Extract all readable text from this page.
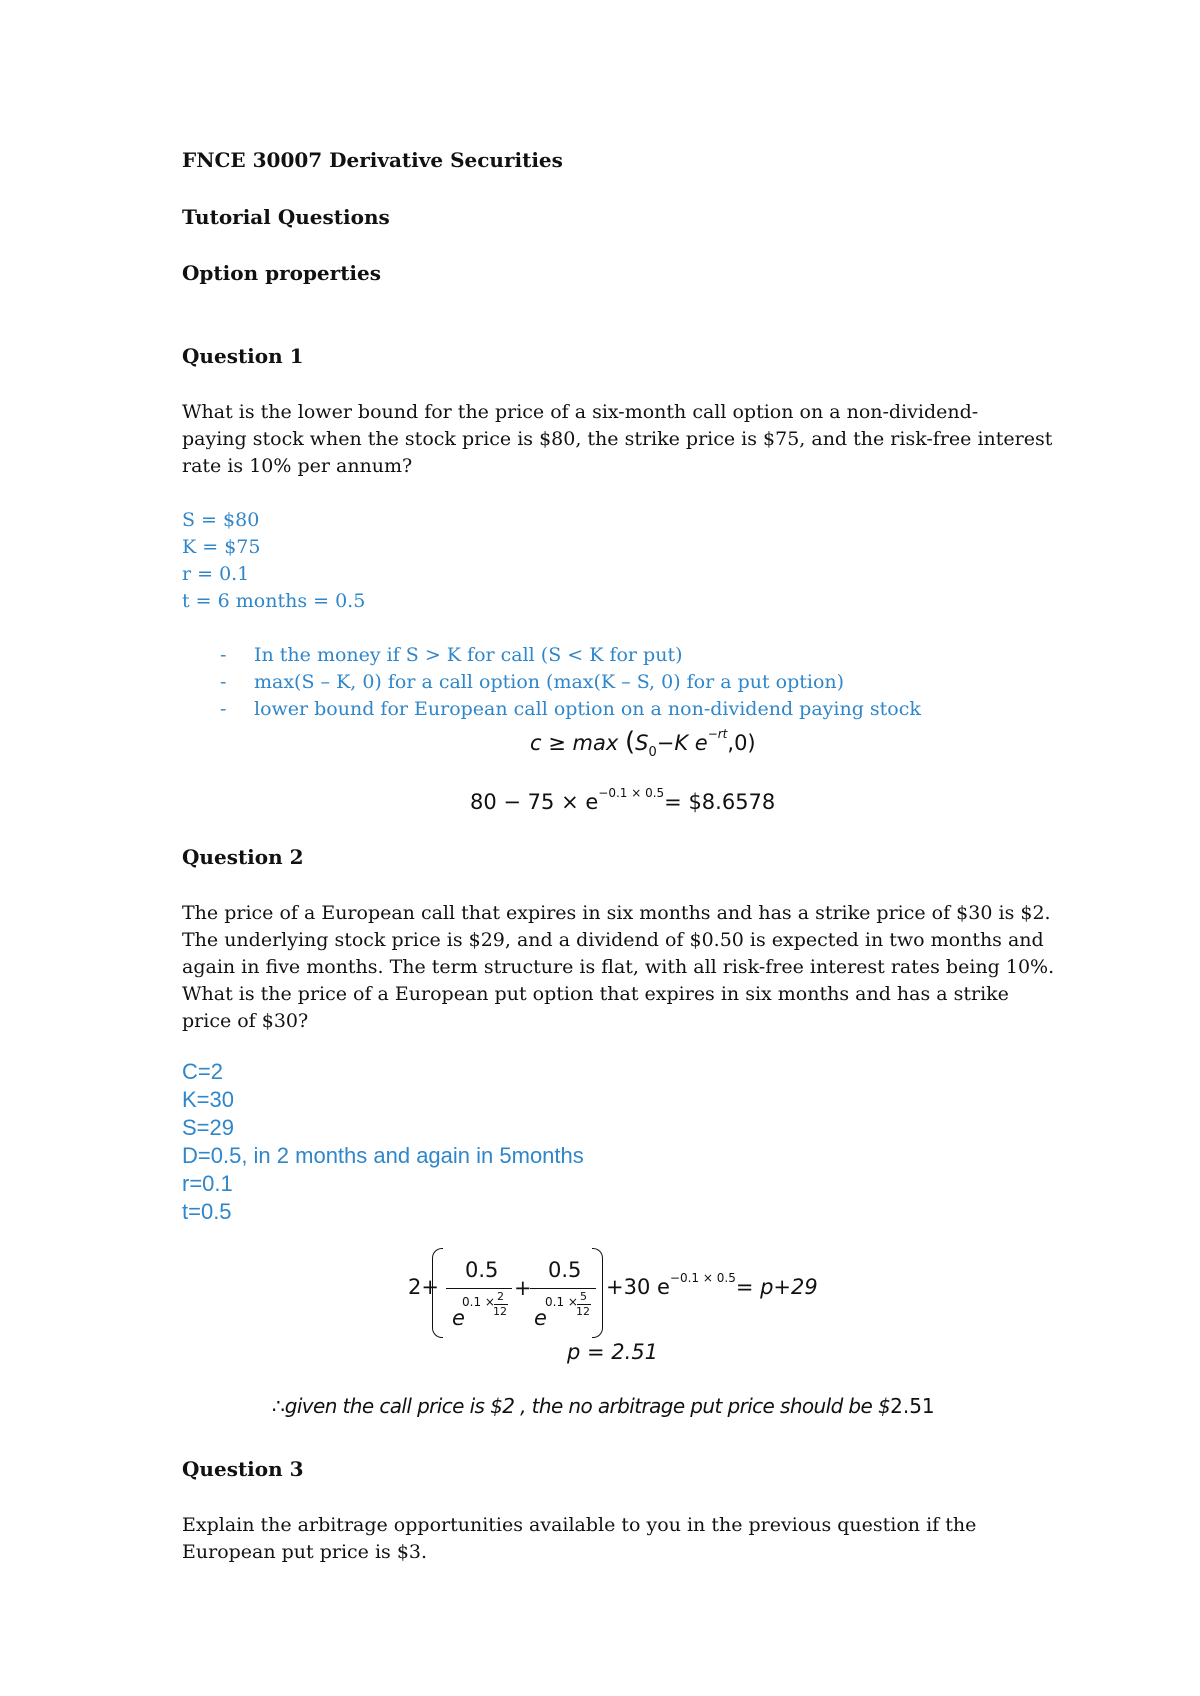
FNCE 30007 Derivative Securities
Tutorial Questions
Option properties
Question 1
What is the lower bound for the price of a six-month call option on a non-dividend-
paying stock when the stock price is $80, the strike price is $75, and the risk-free interest
rate is 10% per annum?
S = $80
K = $75
r = 0.1
t = 6 months = 0.5
- In the money if S > K for call (S < K for put)
- max(S – K, 0) for a call option (max(K – S, 0) for a put option)
- lower bound for European call option on a non-dividend paying stock
$c \ge \max (S_0-K$ $e^{-rt},0$)
$80 - 75 \times e^{-0.1 \times 0.5}=$ $8.6578
Question 2
The price of a European call that expires in six months and has a strike price of $30 is $2.
The underlying stock price is $29, and a dividend of $0.50 is expected in two months and
again in five months. The term structure is flat, with all risk-free interest rates being 10%.
What is the price of a European put option that expires in six months and has a strike
price of $30?
C=2
K=30
S=29
D=0.5, in 2 months and again in 5months
r=0.1
t=0.5
2+
0.5
e
0.1 × 2
12
+
0.5
e
0.1 × 5
12
+30 $e^{-0.1 \times 0.5}= p+29$
p = 2.51
∴given the call price is $2 , the no arbitrage put price should be $2.51
Question 3
Explain the arbitrage opportunities available to you in the previous question if the
European put price is $3.
